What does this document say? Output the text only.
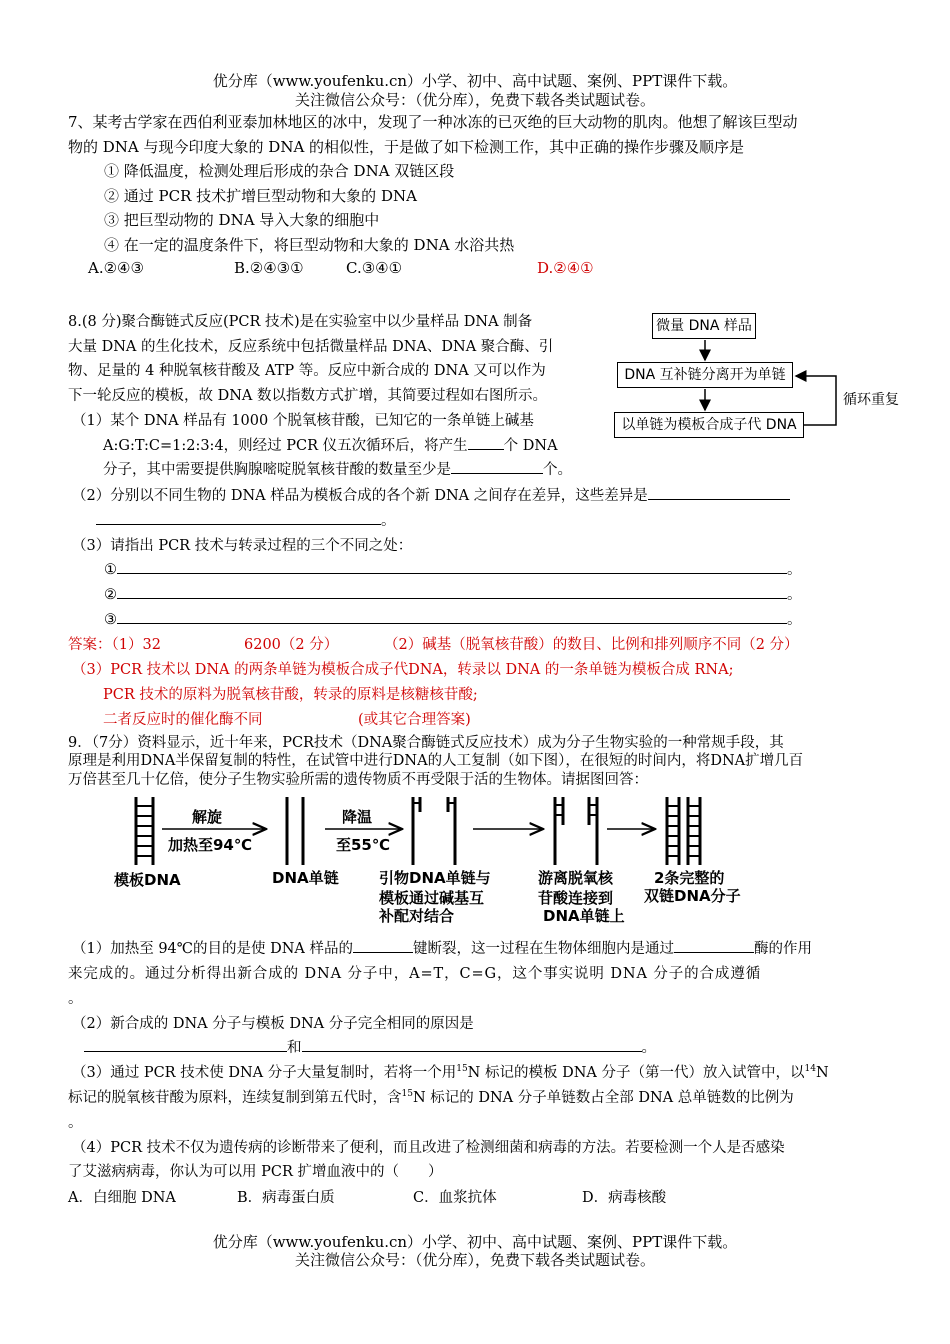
优分库（www.youfenku.cn）小学、初中、高中试题、案例、PPT课件下载。
关注微信公众号：（优分库），免费下载各类试题试卷。
7、某考古学家在西伯利亚泰加林地区的冰中，发现了一种冰冻的已灭绝的巨大动物的肌肉。他想了解该巨型动
物的 DNA 与现今印度大象的 DNA 的相似性，于是做了如下检测工作，其中正确的操作步骤及顺序是
① 降低温度，检测处理后形成的杂合 DNA 双链区段
② 通过 PCR 技术扩增巨型动物和大象的 DNA
③ 把巨型动物的 DNA 导入大象的细胞中
④ 在一定的温度条件下，将巨型动物和大象的 DNA 水浴共热
A.②④③	B.②④③①	C.③④①	D.②④①
8.(8 分)聚合酶链式反应(PCR 技术)是在实验室中以少量样品 DNA 制备
大量 DNA 的生化技术，反应系统中包括微量样品 DNA、DNA 聚合酶、引
物、足量的 4 种脱氧核苷酸及 ATP 等。反应中新合成的 DNA 又可以作为
下一轮反应的模板，故 DNA 数以指数方式扩增，其简要过程如右图所示。
微量 DNA 样品
DNA 互补链分离开为单链
以单链为模板合成子代 DNA
循环重复
（1）某个 DNA 样品有 1000 个脱氧核苷酸，已知它的一条单链上碱基
A:G:T:C=1:2:3:4，则经过 PCR 仪五次循环后，将产生 个 DNA
分子，其中需要提供胸腺嘧啶脱氧核苷酸的数量至少是	个。
（2）分别以不同生物的 DNA 样品为模板合成的各个新 DNA 之间存在差异，这些差异是
。
（3）请指出 PCR 技术与转录过程的三个不同之处：
①	。
②	。
③	。
答案：（1）32	6200（2 分）	（2）碱基（脱氧核苷酸）的数目、比例和排列顺序不同（2 分）
（3）PCR 技术以 DNA 的两条单链为模板合成子代DNA，转录以 DNA 的一条单链为模板合成 RNA;
PCR 技术的原料为脱氧核苷酸，转录的原料是核糖核苷酸;
二者反应时的催化酶不同	(或其它合理答案)
9．（7分）资料显示，近十年来，PCR技术（DNA聚合酶链式反应技术）成为分子生物实验的一种常规手段，其
原理是利用DNA半保留复制的特性，在试管中进行DNA的人工复制（如下图），在很短的时间内，将DNA扩增几百
万倍甚至几十亿倍，使分子生物实验所需的遗传物质不再受限于活的生物体。请据图回答：
解旋
加热至94℃
降温
至55℃
模板DNA	DNA单链	引物DNA单链与
模板通过碱基互
补配对结合
游离脱氧核
苷酸连接到
DNA单链上
2条完整的
双链DNA分子
（1）加热至 94℃的目的是使 DNA 样品的	键断裂，这一过程在生物体细胞内是通过	酶的作用
来完成的。通过分析得出新合成的 DNA 分子中，A=T，C=G，这个事实说明 DNA 分子的合成遵循
。
（2）新合成的 DNA 分子与模板 DNA 分子完全相同的原因是
和	。
（3）通过 PCR 技术使 DNA 分子大量复制时，若将一个用$^{15}$N 标记的模板 DNA 分子（第一代）放入试管中，以$^{14}$N
标记的脱氧核苷酸为原料，连续复制到第五代时，含$^{15}$N 标记的 DNA 分子单链数占全部 DNA 总单链数的比例为
。
（4）PCR 技术不仅为遗传病的诊断带来了便利，而且改进了检测细菌和病毒的方法。若要检测一个人是否感染
了艾滋病病毒，你认为可以用 PCR 扩增血液中的（　　）
A．白细胞 DNA	B．病毒蛋白质	C．血浆抗体	D．病毒核酸
优分库（www.youfenku.cn）小学、初中、高中试题、案例、PPT课件下载。
关注微信公众号：（优分库），免费下载各类试题试卷。
